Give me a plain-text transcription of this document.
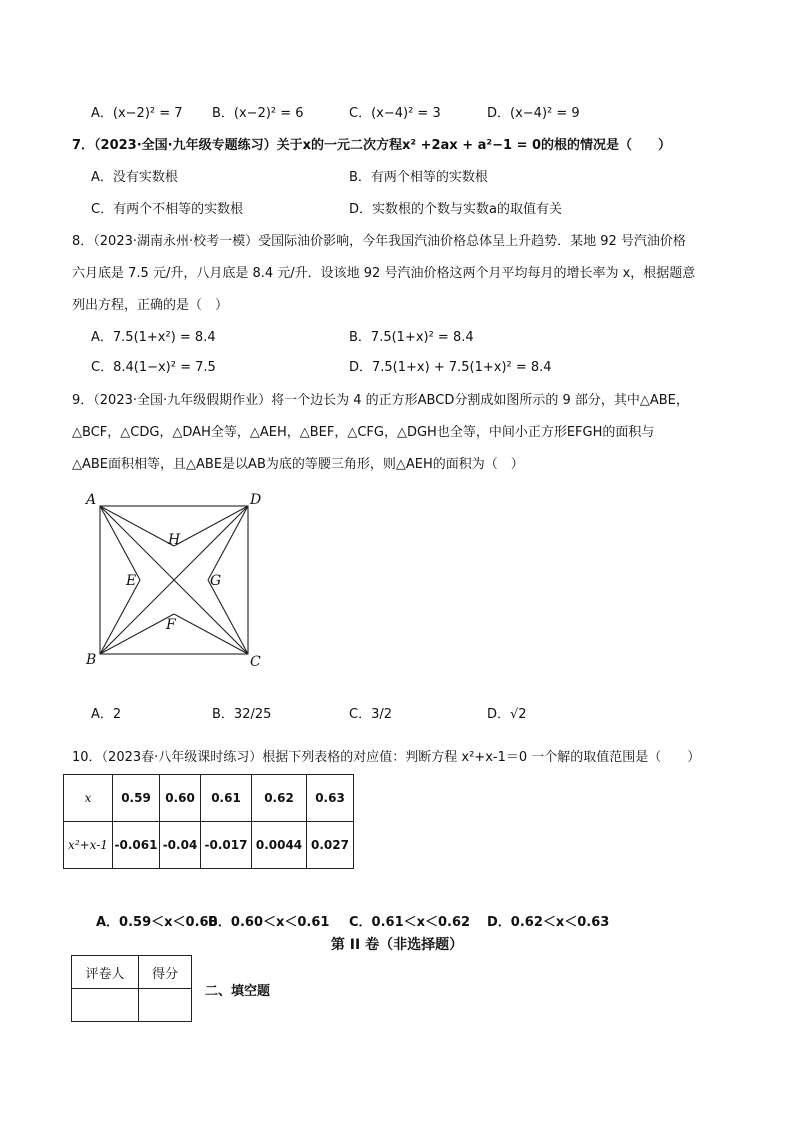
A．(x−2)² = 7 B．(x−2)² = 6	C．(x−4)² = 3	D．(x−4)² = 9
7．（2023·全国·九年级专题练习）关于x的一元二次方程x² +2ax + a²−1 = 0的根的情况是（　　）
A．没有实数根	B．有两个相等的实数根
C．有两个不相等的实数根	D．实数根的个数与实数a的取值有关
8．（2023·湖南永州·校考一模）受国际油价影响，今年我国汽油价格总体呈上升趋势．某地 92 号汽油价格
六月底是 7.5 元/升，八月底是 8.4 元/升．设该地 92 号汽油价格这两个月平均每月的增长率为 x，根据题意
列出方程，正确的是（　）
A．7.5(1+x²) = 8.4	B．7.5(1+x)² = 8.4
C．8.4(1−x)² = 7.5	D．7.5(1+x) + 7.5(1+x)² = 8.4
9．（2023·全国·九年级假期作业）将一个边长为 4 的正方形ABCD分割成如图所示的 9 部分，其中△ABE，
△BCF，△CDG，△DAH全等，△AEH，△BEF，△CFG，△DGH也全等，中间小正方形EFGH的面积与
△ABE面积相等，且△ABE是以AB为底的等腰三角形，则△AEH的面积为（　）
A
B	C
D
E
F
G
H
A．2	B．32/25	C．3/2	D．√2
10．（2023春·八年级课时练习）根据下列表格的对应值：判断方程 x²+x-1＝0 一个解的取值范围是（　　）
x	0.59	0.60	0.61	0.62	0.63
x²+x-1	-0.061	-0.04	-0.017	0.0044	0.027
A．0.59＜x＜0.60
B．0.60＜x＜0.61 C．0.61＜x＜0.62 D．0.62＜x＜0.63
第 II 卷（非选择题）
评卷人	得分

二、填空题
